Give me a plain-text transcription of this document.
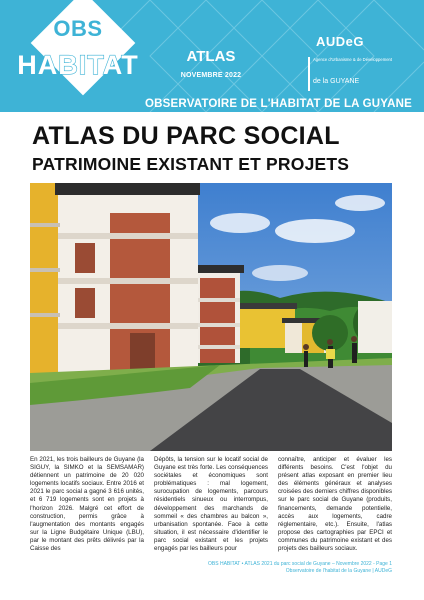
OBS
HABITAT	ATLAS
NOVEMBRE 2022
AUDeG
Agence d'Urbanisme & de Développement
de la GUYANE
OBSERVATOIRE DE L'HABITAT DE LA GUYANE
ATLAS DU PARC SOCIAL
PATRIMOINE EXISTANT ET PROJETS

En 2021, les trois bailleurs de Guyane (la SIGUY, la SIMKO et la SEMSAMAR) détiennent un patrimoine de 20 020 logements locatifs sociaux. Entre 2016 et 2021 le parc social a gagné 3 616 unités, et 6 719 logements sont en projets à l'horizon 2026. Malgré cet effort de construction, permis grâce à l'augmentation des montants engagés sur la Ligne Budgétaire Unique (LBU), par le montant des prêts délivrés par la Caisse des

Dépôts, la tension sur le locatif social de Guyane est très forte. Les conséquences sociétales et économiques sont problématiques : mal logement, surocupation de logements, parcours résidentiels sinueux ou interrompus, développement des marchands de sommeil « des chambres au balcon », urbanisation spontanée. Face à cette situation, il est nécessaire d'identifier le parc social existant et les projets engagés par les bailleurs pour

connaître, anticiper et évaluer les différents besoins. C'est l'objet du présent atlas exposant en premier lieu des éléments généraux et analyses croisées des derniers chiffres disponibles sur le parc social de Guyane (produits, financements, demande potentielle, accès aux logements, cadre réglementaire, etc.). Ensuite, l'atlas propose des cartographies par EPCI et communes du patrimoine existant et des projets des bailleurs sociaux.

OBS HABITAT • ATLAS 2021 du parc social de Guyane – Novembre 2022 - Page 1
Observatoire de l'habitat de la Guyane | AUDeG
